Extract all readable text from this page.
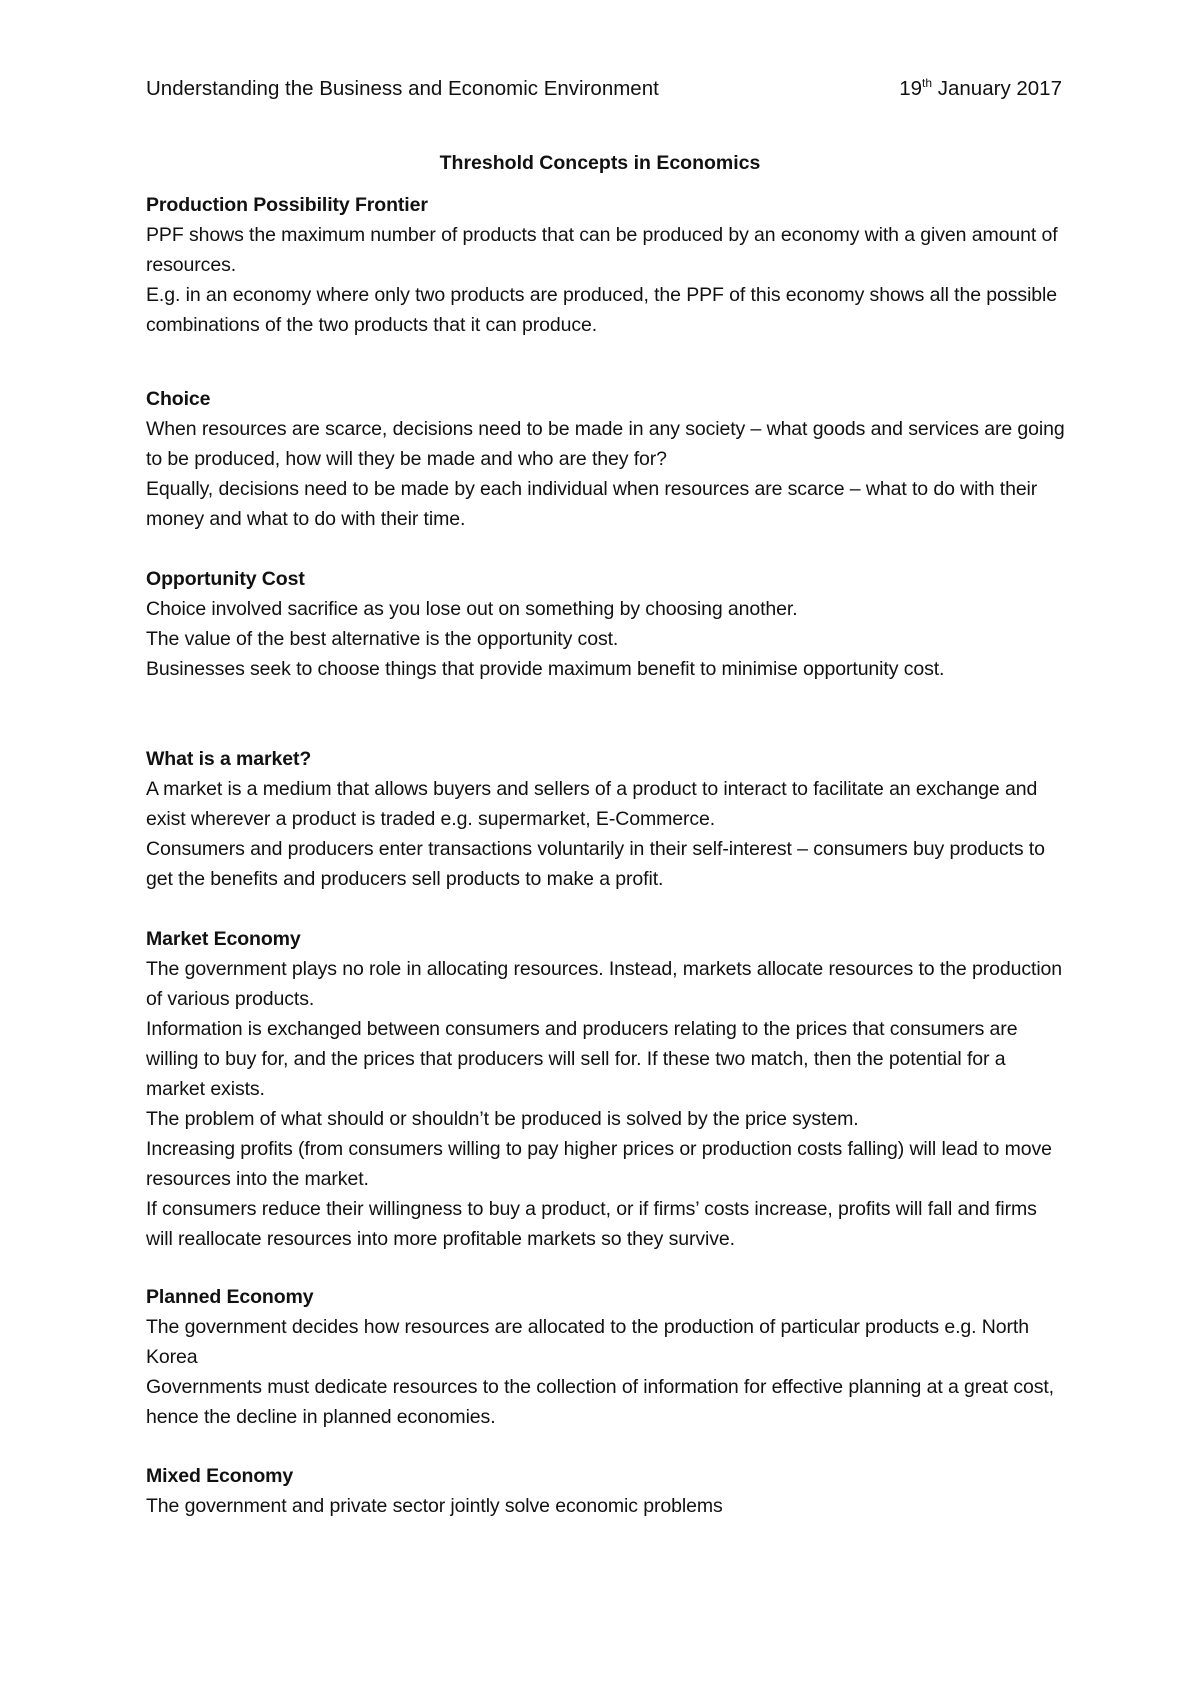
Understanding the Business and Economic Environment	19th January 2017
Threshold Concepts in Economics
Production Possibility Frontier

PPF shows the maximum number of products that can be produced by an economy with a given amount of resources.

E.g. in an economy where only two products are produced, the PPF of this economy shows all the possible combinations of the two products that it can produce.

Choice

When resources are scarce, decisions need to be made in any society – what goods and services are going to be produced, how will they be made and who are they for?

Equally, decisions need to be made by each individual when resources are scarce – what to do with their money and what to do with their time.

Opportunity Cost

Choice involved sacrifice as you lose out on something by choosing another.

The value of the best alternative is the opportunity cost.

Businesses seek to choose things that provide maximum benefit to minimise opportunity cost.

What is a market?

A market is a medium that allows buyers and sellers of a product to interact to facilitate an exchange and exist wherever a product is traded e.g. supermarket, E-Commerce.

Consumers and producers enter transactions voluntarily in their self-interest – consumers buy products to get the benefits and producers sell products to make a profit.

Market Economy

The government plays no role in allocating resources. Instead, markets allocate resources to the production of various products.

Information is exchanged between consumers and producers relating to the prices that consumers are willing to buy for, and the prices that producers will sell for. If these two match, then the potential for a market exists.

The problem of what should or shouldn’t be produced is solved by the price system.

Increasing profits (from consumers willing to pay higher prices or production costs falling) will lead to move resources into the market.

If consumers reduce their willingness to buy a product, or if firms’ costs increase, profits will fall and firms will reallocate resources into more profitable markets so they survive.

Planned Economy

The government decides how resources are allocated to the production of particular products e.g. North Korea

Governments must dedicate resources to the collection of information for effective planning at a great cost, hence the decline in planned economies.

Mixed Economy

The government and private sector jointly solve economic problems
